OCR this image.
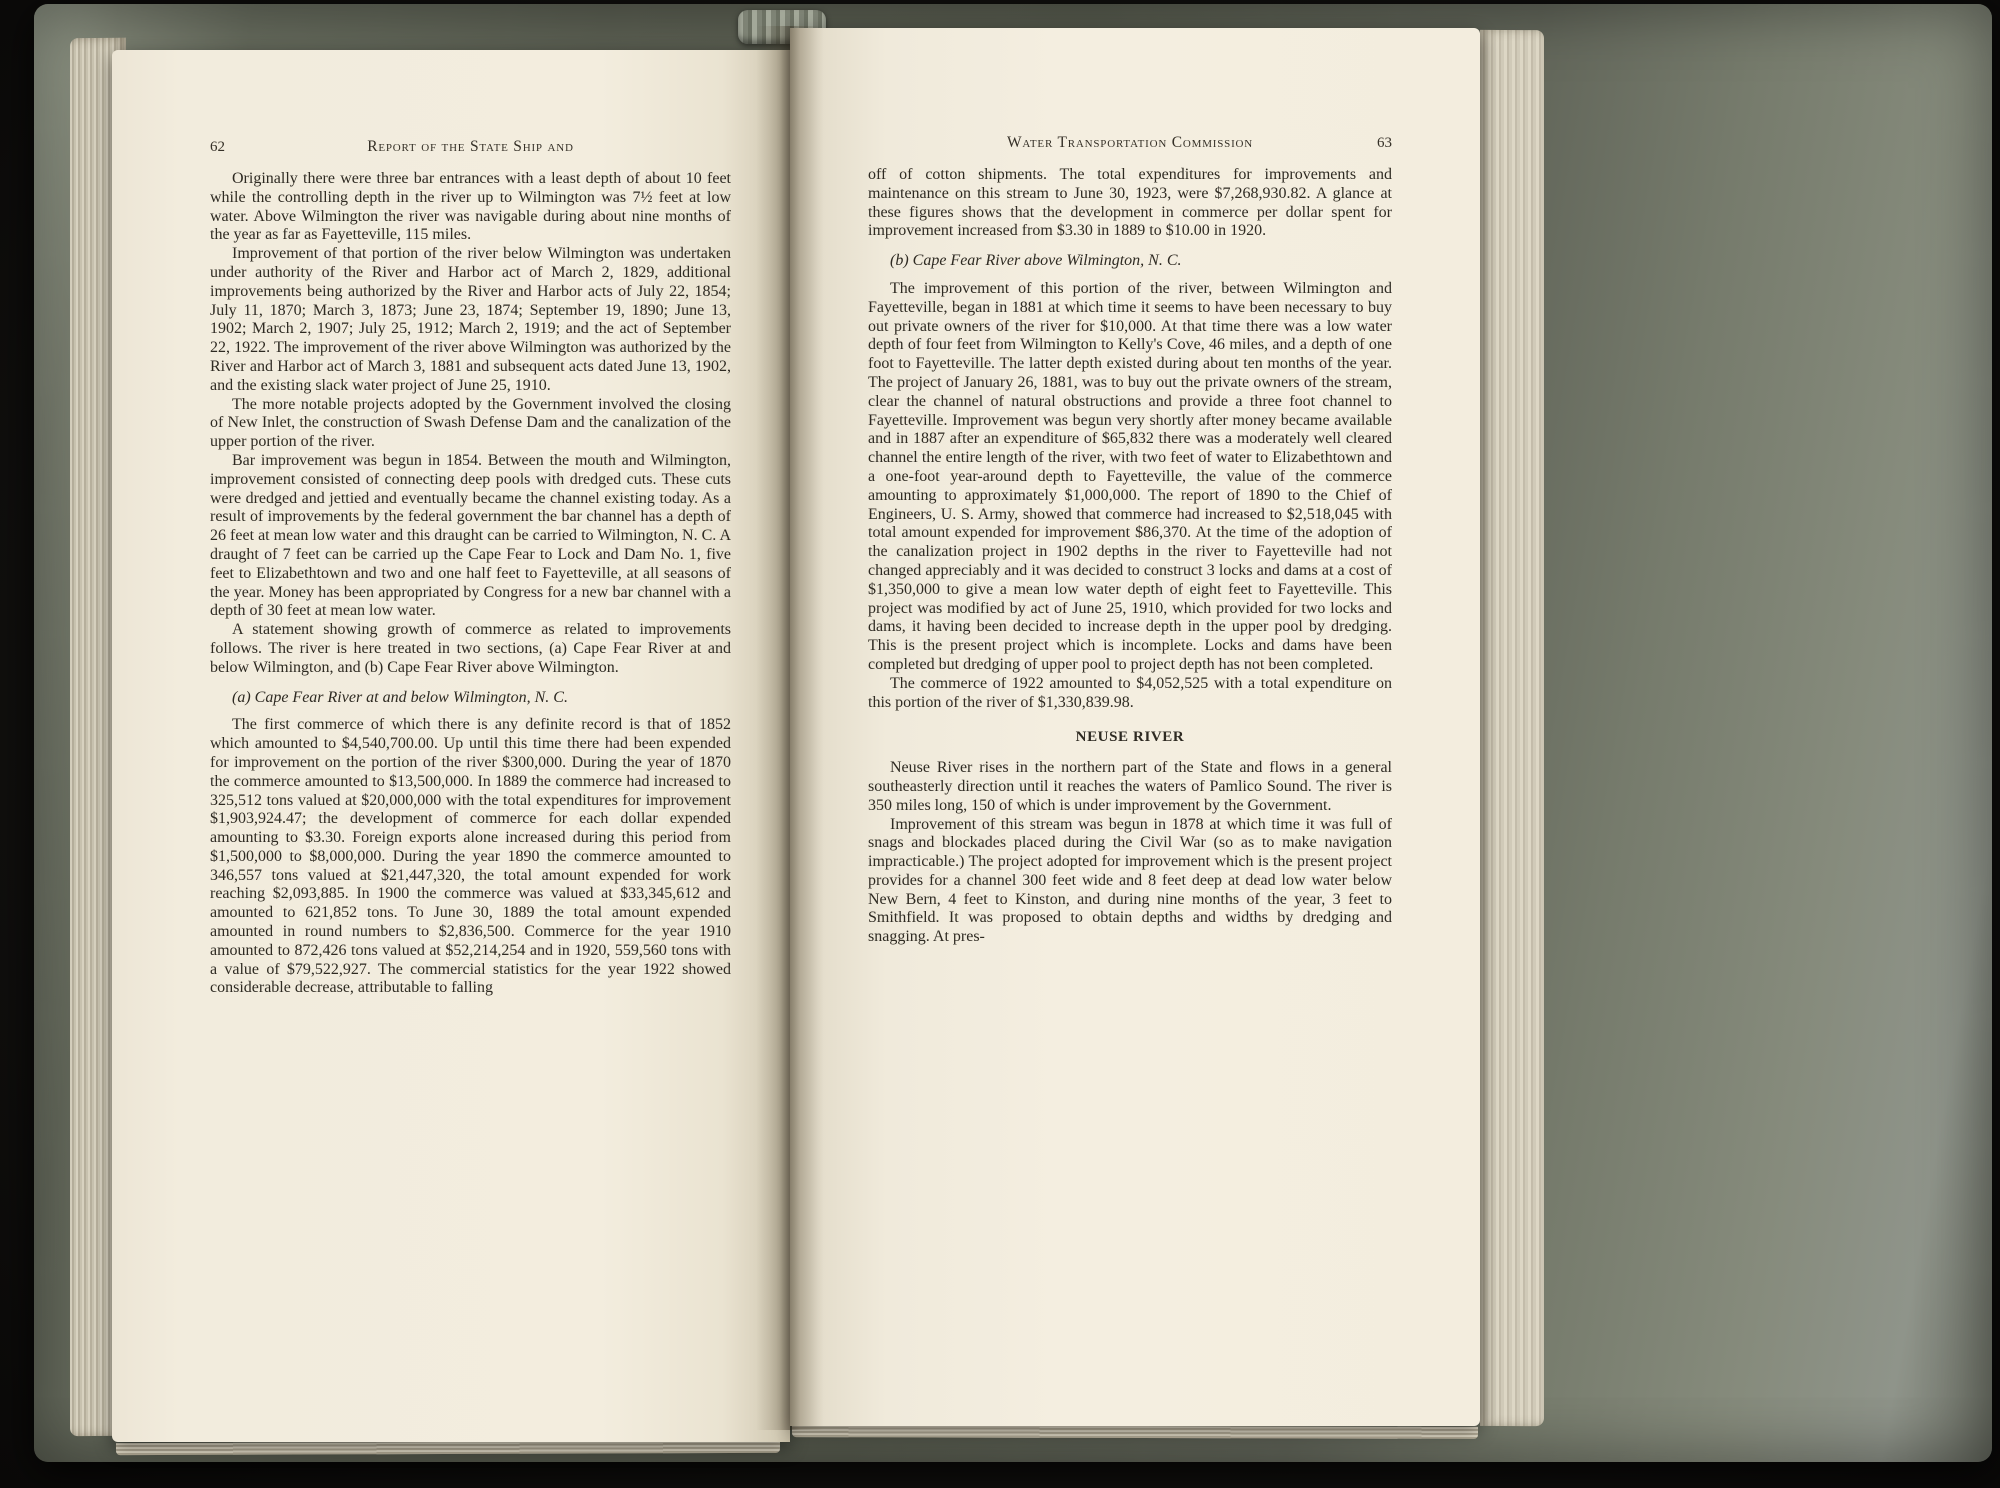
62	Report of the State Ship and

Originally there were three bar entrances with a least depth of about 10 feet while the controlling depth in the river up to Wilmington was 7½ feet at low water. Above Wilmington the river was navigable during about nine months of the year as far as Fayetteville, 115 miles.

Improvement of that portion of the river below Wilmington was undertaken under authority of the River and Harbor act of March 2, 1829, additional improvements being authorized by the River and Harbor acts of July 22, 1854; July 11, 1870; March 3, 1873; June 23, 1874; September 19, 1890; June 13, 1902; March 2, 1907; July 25, 1912; March 2, 1919; and the act of September 22, 1922. The improvement of the river above Wilmington was authorized by the River and Harbor act of March 3, 1881 and subsequent acts dated June 13, 1902, and the existing slack water project of June 25, 1910.

The more notable projects adopted by the Government involved the closing of New Inlet, the construction of Swash Defense Dam and the canalization of the upper portion of the river.

Bar improvement was begun in 1854. Between the mouth and Wilmington, improvement consisted of connecting deep pools with dredged cuts. These cuts were dredged and jettied and eventually became the channel existing today. As a result of improvements by the federal government the bar channel has a depth of 26 feet at mean low water and this draught can be carried to Wilmington, N. C. A draught of 7 feet can be carried up the Cape Fear to Lock and Dam No. 1, five feet to Elizabethtown and two and one half feet to Fayetteville, at all seasons of the year. Money has been appropriated by Congress for a new bar channel with a depth of 30 feet at mean low water.

A statement showing growth of commerce as related to improvements follows. The river is here treated in two sections, (a) Cape Fear River at and below Wilmington, and (b) Cape Fear River above Wilmington.

(a) Cape Fear River at and below Wilmington, N. C.

The first commerce of which there is any definite record is that of 1852 which amounted to $4,540,700.00. Up until this time there had been expended for improvement on the portion of the river $300,000. During the year of 1870 the commerce amounted to $13,500,000. In 1889 the commerce had increased to 325,512 tons valued at $20,000,000 with the total expenditures for improvement $1,903,924.47; the development of commerce for each dollar expended amounting to $3.30. Foreign exports alone increased during this period from $1,500,000 to $8,000,000. During the year 1890 the commerce amounted to 346,557 tons valued at $21,447,320, the total amount expended for work reaching $2,093,885. In 1900 the commerce was valued at $33,345,612 and amounted to 621,852 tons. To June 30, 1889 the total amount expended amounted in round numbers to $2,836,500. Commerce for the year 1910 amounted to 872,426 tons valued at $52,214,254 and in 1920, 559,560 tons with a value of $79,522,927. The commercial statistics for the year 1922 showed considerable decrease, attributable to falling

Water Transportation Commission	63

off of cotton shipments. The total expenditures for improvements and maintenance on this stream to June 30, 1923, were $7,268,930.82. A glance at these figures shows that the development in commerce per dollar spent for improvement increased from $3.30 in 1889 to $10.00 in 1920.

(b) Cape Fear River above Wilmington, N. C.

The improvement of this portion of the river, between Wilmington and Fayetteville, began in 1881 at which time it seems to have been necessary to buy out private owners of the river for $10,000. At that time there was a low water depth of four feet from Wilmington to Kelly's Cove, 46 miles, and a depth of one foot to Fayetteville. The latter depth existed during about ten months of the year. The project of January 26, 1881, was to buy out the private owners of the stream, clear the channel of natural obstructions and provide a three foot channel to Fayetteville. Improvement was begun very shortly after money became available and in 1887 after an expenditure of $65,832 there was a moderately well cleared channel the entire length of the river, with two feet of water to Elizabethtown and a one-foot year-around depth to Fayetteville, the value of the commerce amounting to approximately $1,000,000. The report of 1890 to the Chief of Engineers, U. S. Army, showed that commerce had increased to $2,518,045 with total amount expended for improvement $86,370. At the time of the adoption of the canalization project in 1902 depths in the river to Fayetteville had not changed appreciably and it was decided to construct 3 locks and dams at a cost of $1,350,000 to give a mean low water depth of eight feet to Fayetteville. This project was modified by act of June 25, 1910, which provided for two locks and dams, it having been decided to increase depth in the upper pool by dredging. This is the present project which is incomplete. Locks and dams have been completed but dredging of upper pool to project depth has not been completed.

The commerce of 1922 amounted to $4,052,525 with a total expenditure on this portion of the river of $1,330,839.98.

NEUSE RIVER

Neuse River rises in the northern part of the State and flows in a general southeasterly direction until it reaches the waters of Pamlico Sound. The river is 350 miles long, 150 of which is under improvement by the Government.

Improvement of this stream was begun in 1878 at which time it was full of snags and blockades placed during the Civil War (so as to make navigation impracticable.) The project adopted for improvement which is the present project provides for a channel 300 feet wide and 8 feet deep at dead low water below New Bern, 4 feet to Kinston, and during nine months of the year, 3 feet to Smithfield. It was proposed to obtain depths and widths by dredging and snagging. At pres-
